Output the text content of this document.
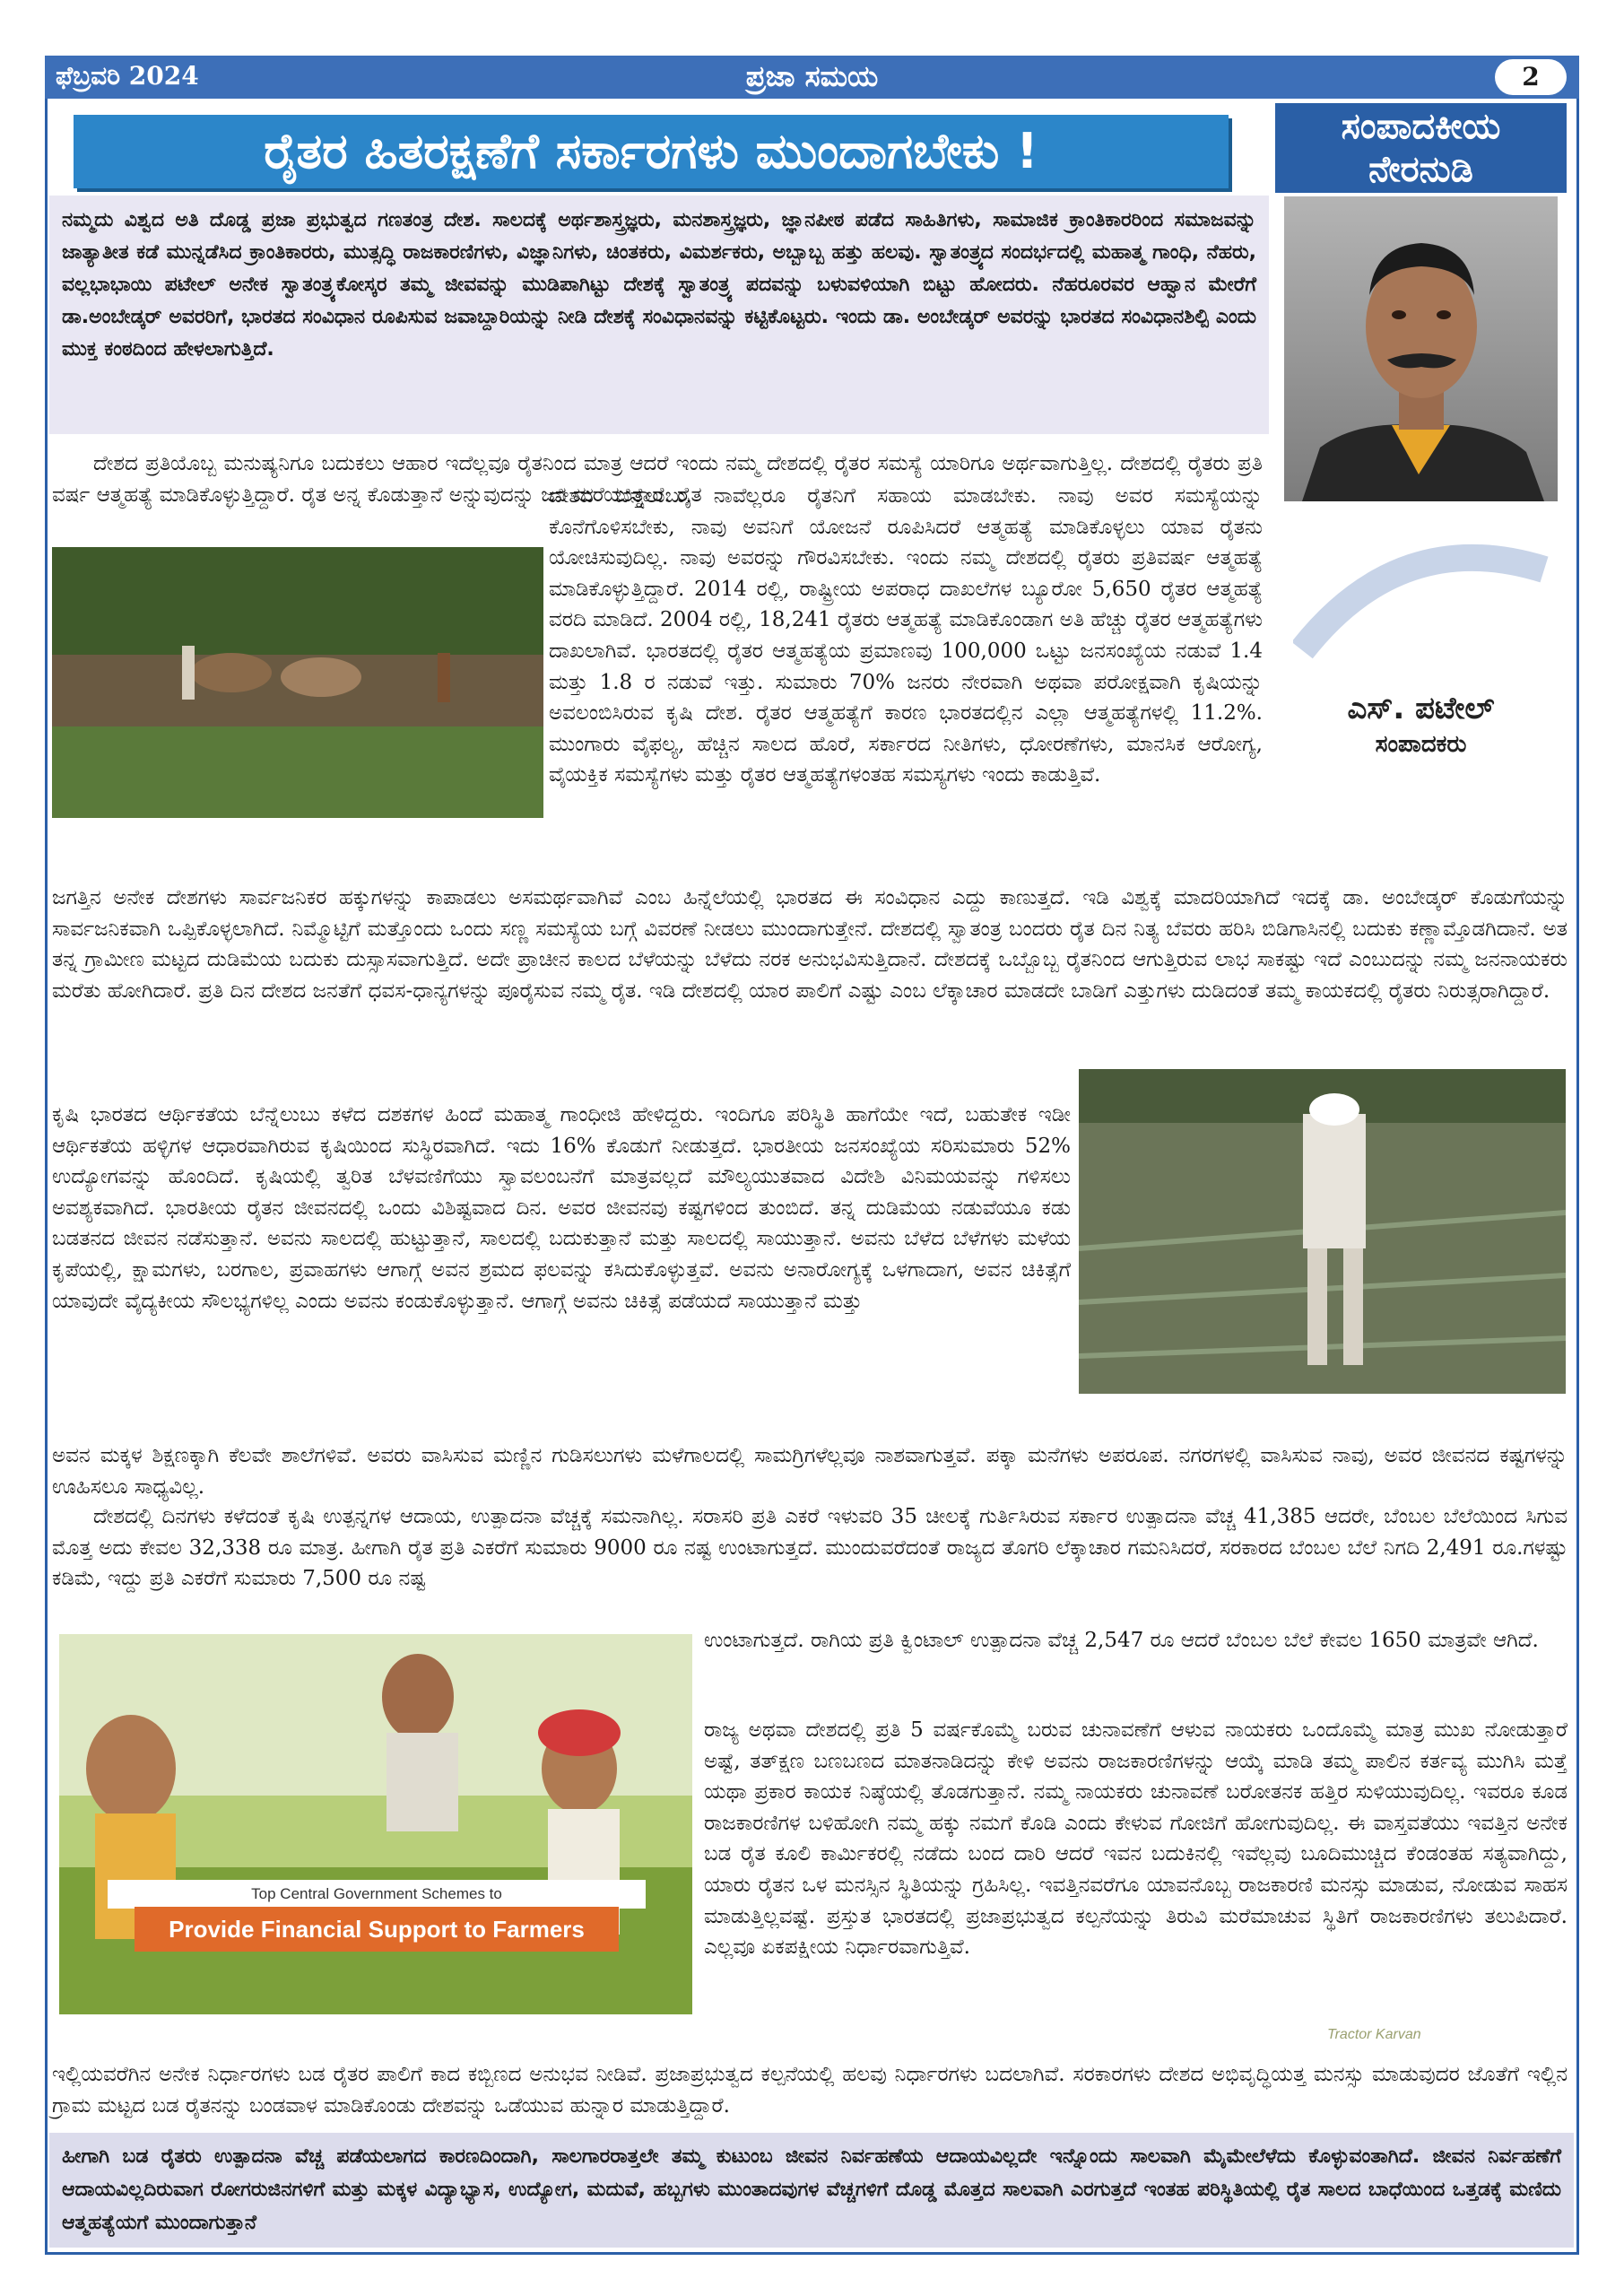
ಫೆಬ್ರವರಿ 2024	ಪ್ರಜಾ ಸಮಯ	2
ರೈತರ ಹಿತರಕ್ಷಣೆಗೆ ಸರ್ಕಾರಗಳು ಮುಂದಾಗಬೇಕು !	ಸಂಪಾದಕೀಯ
ನೇರನುಡಿ
ನಮ್ಮದು ವಿಶ್ವದ ಅತಿ ದೊಡ್ಡ ಪ್ರಜಾ ಪ್ರಭುತ್ವದ ಗಣತಂತ್ರ ದೇಶ. ಸಾಲದಕ್ಕೆ ಅರ್ಥಶಾಸ್ತ್ರಜ್ಞರು, ಮನಶಾಸ್ತ್ರಜ್ಞರು, ಜ್ಞಾನಪೀಠ ಪಡೆದ ಸಾಹಿತಿಗಳು, ಸಾಮಾಜಿಕ ಕ್ರಾಂತಿಕಾರರಿಂದ ಸಮಾಜವನ್ನು ಜಾತ್ಯಾತೀತ ಕಡೆ ಮುನ್ನಡೆಸಿದ ಕ್ರಾಂತಿಕಾರರು, ಮುತ್ಸದ್ಧಿ ರಾಜಕಾರಣಿಗಳು, ವಿಜ್ಞಾನಿಗಳು, ಚಿಂತಕರು, ವಿಮರ್ಶಕರು, ಅಬ್ಬಾಬ್ಬ ಹತ್ತು ಹಲವು. ಸ್ವಾತಂತ್ರ್ಯದ ಸಂದರ್ಭದಲ್ಲಿ ಮಹಾತ್ಮ ಗಾಂಧಿ, ನೆಹರು, ವಲ್ಲಭಾಭಾಯಿ ಪಟೇಲ್ ಅನೇಕ ಸ್ವಾತಂತ್ರ್ಯಕೋಸ್ಕರ ತಮ್ಮ ಜೀವವನ್ನು ಮುಡಿಪಾಗಿಟ್ಟು ದೇಶಕ್ಕೆ ಸ್ವಾತಂತ್ರ್ಯ ಪದವನ್ನು ಬಳುವಳಿಯಾಗಿ ಬಿಟ್ಟು ಹೋದರು. ನೆಹರೂರವರ ಆಹ್ವಾನ ಮೇರೆಗೆ ಡಾ.ಅಂಬೇಡ್ಕರ್ ಅವರರಿಗೆ, ಭಾರತದ ಸಂವಿಧಾನ ರೂಪಿಸುವ ಜವಾಬ್ದಾರಿಯನ್ನು ನೀಡಿ ದೇಶಕ್ಕೆ ಸಂವಿಧಾನವನ್ನು ಕಟ್ಟಿಕೊಟ್ಟರು. ಇಂದು ಡಾ. ಅಂಬೇಡ್ಕರ್ ಅವರನ್ನು ಭಾರತದ ಸಂವಿಧಾನಶಿಲ್ಪಿ ಎಂದು ಮುಕ್ತ ಕಂಠದಿಂದ ಹೇಳಲಾಗುತ್ತಿದೆ.
ಎಸ್. ಪಟೇಲ್
ಸಂಪಾದಕರು
ದೇಶದ ಪ್ರತಿಯೊಬ್ಬ ಮನುಷ್ಯನಿಗೂ ಬದುಕಲು ಆಹಾರ ಇದೆಲ್ಲವೂ ರೈತನಿಂದ ಮಾತ್ರ ಆದರೆ ಇಂದು ನಮ್ಮ ದೇಶದಲ್ಲಿ ರೈತರ ಸಮಸ್ಯೆ ಯಾರಿಗೂ ಅರ್ಥವಾಗುತ್ತಿಲ್ಲ. ದೇಶದಲ್ಲಿ ರೈತರು ಪ್ರತಿ ವರ್ಷ ಆತ್ಮಹತ್ಯೆ ಮಾಡಿಕೊಳ್ಳುತ್ತಿದ್ದಾರೆ. ರೈತ ಅನ್ನ ಕೊಡುತ್ತಾನೆ ಅನ್ನುವುದನ್ನು ಜನ ಮರೆಯುತ್ತಾರೆ. ರೈತ
ದೇಶದ ಬೆನ್ನೆಲುಬು. ನಾವೆಲ್ಲರೂ ರೈತನಿಗೆ ಸಹಾಯ ಮಾಡಬೇಕು. ನಾವು ಅವರ ಸಮಸ್ಯೆಯನ್ನು ಕೊನೆಗೊಳಿಸಬೇಕು, ನಾವು ಅವನಿಗೆ ಯೋಜನೆ ರೂಪಿಸಿದರೆ ಆತ್ಮಹತ್ಯೆ ಮಾಡಿಕೊಳ್ಳಲು ಯಾವ ರೈತನು ಯೋಚಿಸುವುದಿಲ್ಲ. ನಾವು ಅವರನ್ನು ಗೌರವಿಸಬೇಕು. ಇಂದು ನಮ್ಮ ದೇಶದಲ್ಲಿ ರೈತರು ಪ್ರತಿವರ್ಷ ಆತ್ಮಹತ್ಯೆ ಮಾಡಿಕೊಳ್ಳುತ್ತಿದ್ದಾರೆ. 2014 ರಲ್ಲಿ, ರಾಷ್ಟ್ರೀಯ ಅಪರಾಧ ದಾಖಲೆಗಳ ಬ್ಯೂರೋ 5,650 ರೈತರ ಆತ್ಮಹತ್ಯೆ ವರದಿ ಮಾಡಿದೆ. 2004 ರಲ್ಲಿ, 18,241 ರೈತರು ಆತ್ಮಹತ್ಯೆ ಮಾಡಿಕೊಂಡಾಗ ಅತಿ ಹೆಚ್ಚು ರೈತರ ಆತ್ಮಹತ್ಯೆಗಳು ದಾಖಲಾಗಿವೆ. ಭಾರತದಲ್ಲಿ ರೈತರ ಆತ್ಮಹತ್ಯೆಯ ಪ್ರಮಾಣವು 100,000 ಒಟ್ಟು ಜನಸಂಖ್ಯೆಯ ನಡುವೆ 1.4 ಮತ್ತು 1.8 ರ ನಡುವೆ ಇತ್ತು. ಸುಮಾರು 70% ಜನರು ನೇರವಾಗಿ ಅಥವಾ ಪರೋಕ್ಷವಾಗಿ ಕೃಷಿಯನ್ನು ಅವಲಂಬಿಸಿರುವ ಕೃಷಿ ದೇಶ. ರೈತರ ಆತ್ಮಹತ್ಯೆಗೆ ಕಾರಣ ಭಾರತದಲ್ಲಿನ ಎಲ್ಲಾ ಆತ್ಮಹತ್ಯೆಗಳಲ್ಲಿ 11.2%. ಮುಂಗಾರು ವೈಫಲ್ಯ, ಹೆಚ್ಚಿನ ಸಾಲದ ಹೊರೆ, ಸರ್ಕಾರದ ನೀತಿಗಳು, ಧೋರಣೆಗಳು, ಮಾನಸಿಕ ಆರೋಗ್ಯ, ವೈಯಕ್ತಿಕ ಸಮಸ್ಯೆಗಳು ಮತ್ತು ರೈತರ ಆತ್ಮಹತ್ಯೆಗಳಂತಹ ಸಮಸ್ಯಗಳು ಇಂದು ಕಾಡುತ್ತಿವೆ.
ಜಗತ್ತಿನ ಅನೇಕ ದೇಶಗಳು ಸಾರ್ವಜನಿಕರ ಹಕ್ಕುಗಳನ್ನು ಕಾಪಾಡಲು ಅಸಮರ್ಥವಾಗಿವೆ ಎಂಬ ಹಿನ್ನೆಲೆಯಲ್ಲಿ ಭಾರತದ ಈ ಸಂವಿಧಾನ ಎದ್ದು ಕಾಣುತ್ತದೆ. ಇಡಿ ವಿಶ್ವಕ್ಕೆ ಮಾದರಿಯಾಗಿದೆ ಇದಕ್ಕೆ ಡಾ. ಅಂಬೇಡ್ಕರ್ ಕೊಡುಗೆಯನ್ನು ಸಾರ್ವಜನಿಕವಾಗಿ ಒಪ್ಪಿಕೊಳ್ಳಲಾಗಿದೆ. ನಿಮ್ಮೊಟ್ಟಿಗೆ ಮತ್ತೊಂದು ಒಂದು ಸಣ್ಣ ಸಮಸ್ಯೆಯ ಬಗ್ಗೆ ವಿವರಣೆ ನೀಡಲು ಮುಂದಾಗುತ್ತೇನೆ. ದೇಶದಲ್ಲಿ ಸ್ವಾತಂತ್ರ ಬಂದರು ರೈತ ದಿನ ನಿತ್ಯ ಬೆವರು ಹರಿಸಿ ಬಿಡಿಗಾಸಿನಲ್ಲಿ ಬದುಕು ಕಣ್ಣಾಮ್ತೊಡಗಿದಾನೆ. ಅತ ತನ್ನ ಗ್ರಾಮೀಣ ಮಟ್ಟದ ದುಡಿಮೆಯ ಬದುಕು ದುಸ್ಸಾಸವಾಗುತ್ತಿದೆ. ಅದೇ ಪ್ರಾಚೀನ ಕಾಲದ ಬೆಳೆಯನ್ನು ಬೆಳೆದು ನರಕ ಅನುಭವಿಸುತ್ತಿದಾನೆ. ದೇಶದಕ್ಕೆ ಒಬ್ಬೊಬ್ಬ ರೈತನಿಂದ ಆಗುತ್ತಿರುವ ಲಾಭ ಸಾಕಷ್ಟು ಇದೆ ಎಂಬುದನ್ನು ನಮ್ಮ ಜನನಾಯಕರು ಮರೆತು ಹೋಗಿದಾರೆ. ಪ್ರತಿ ದಿನ ದೇಶದ ಜನತೆಗೆ ಧವಸ-ಧಾನ್ಯಗಳನ್ನು ಪೂರೈಸುವ ನಮ್ಮ ರೈತ. ಇಡಿ ದೇಶದಲ್ಲಿ ಯಾರ ಪಾಲಿಗೆ ಎಷ್ಟು ಎಂಬ ಲೆಕ್ಕಾಚಾರ ಮಾಡದೇ ಬಾಡಿಗೆ ಎತ್ತುಗಳು ದುಡಿದಂತೆ ತಮ್ಮ ಕಾಯಕದಲ್ಲಿ ರೈತರು ನಿರುತ್ಸರಾಗಿದ್ದಾರೆ.
ಕೃಷಿ ಭಾರತದ ಆರ್ಥಿಕತೆಯ ಬೆನ್ನೆಲುಬು ಕಳೆದ ದಶಕಗಳ ಹಿಂದೆ ಮಹಾತ್ಮ ಗಾಂಧೀಜಿ ಹೇಳಿದ್ದರು. ಇಂದಿಗೂ ಪರಿಸ್ಥಿತಿ ಹಾಗೆಯೇ ಇದೆ, ಬಹುತೇಕ ಇಡೀ ಆರ್ಥಿಕತೆಯ ಹಳ್ಳಿಗಳ ಆಧಾರವಾಗಿರುವ ಕೃಷಿಯಿಂದ ಸುಸ್ಥಿರವಾಗಿದೆ. ಇದು 16% ಕೊಡುಗೆ ನೀಡುತ್ತದೆ. ಭಾರತೀಯ ಜನಸಂಖ್ಯೆಯ ಸರಿಸುಮಾರು 52% ಉದ್ಯೋಗವನ್ನು ಹೊಂದಿದೆ. ಕೃಷಿಯಲ್ಲಿ ತ್ವರಿತ ಬೆಳವಣಿಗೆಯು ಸ್ವಾವಲಂಬನೆಗೆ ಮಾತ್ರವಲ್ಲದೆ ಮೌಲ್ಯಯುತವಾದ ವಿದೇಶಿ ವಿನಿಮಯವನ್ನು ಗಳಿಸಲು ಅವಶ್ಯಕವಾಗಿದೆ. ಭಾರತೀಯ ರೈತನ ಜೀವನದಲ್ಲಿ ಒಂದು ವಿಶಿಷ್ಟವಾದ ದಿನ. ಅವರ ಜೀವನವು ಕಷ್ಟಗಳಿಂದ ತುಂಬಿದೆ. ತನ್ನ ದುಡಿಮೆಯ ನಡುವೆಯೂ ಕಡು ಬಡತನದ ಜೀವನ ನಡೆಸುತ್ತಾನೆ. ಅವನು ಸಾಲದಲ್ಲಿ ಹುಟ್ಟುತ್ತಾನೆ, ಸಾಲದಲ್ಲಿ ಬದುಕುತ್ತಾನೆ ಮತ್ತು ಸಾಲದಲ್ಲಿ ಸಾಯುತ್ತಾನೆ. ಅವನು ಬೆಳೆದ ಬೆಳೆಗಳು ಮಳೆಯ ಕೃಪೆಯಲ್ಲಿ, ಕ್ಷಾಮಗಳು, ಬರಗಾಲ, ಪ್ರವಾಹಗಳು ಆಗಾಗ್ಗೆ ಅವನ ಶ್ರಮದ ಫಲವನ್ನು ಕಸಿದುಕೊಳ್ಳುತ್ತವೆ. ಅವನು ಅನಾರೋಗ್ಯಕ್ಕೆ ಒಳಗಾದಾಗ, ಅವನ ಚಿಕಿತ್ಸೆಗೆ ಯಾವುದೇ ವೈದ್ಯಕೀಯ ಸೌಲಭ್ಯಗಳಿಲ್ಲ ಎಂದು ಅವನು ಕಂಡುಕೊಳ್ಳುತ್ತಾನೆ. ಆಗಾಗ್ಗೆ ಅವನು ಚಿಕಿತ್ಸೆ ಪಡೆಯದೆ ಸಾಯುತ್ತಾನೆ ಮತ್ತು
ಅವನ ಮಕ್ಕಳ ಶಿಕ್ಷಣಕ್ಕಾಗಿ ಕೆಲವೇ ಶಾಲೆಗಳಿವೆ. ಅವರು ವಾಸಿಸುವ ಮಣ್ಣಿನ ಗುಡಿಸಲುಗಳು ಮಳೆಗಾಲದಲ್ಲಿ ಸಾಮಗ್ರಿಗಳೆಲ್ಲವೂ ನಾಶವಾಗುತ್ತವೆ. ಪಕ್ಕಾ ಮನೆಗಳು ಅಪರೂಪ. ನಗರಗಳಲ್ಲಿ ವಾಸಿಸುವ ನಾವು, ಅವರ ಜೀವನದ ಕಷ್ಟಗಳನ್ನು ಊಹಿಸಲೂ ಸಾಧ್ಯವಿಲ್ಲ.
ದೇಶದಲ್ಲಿ ದಿನಗಳು ಕಳೆದಂತೆ ಕೃಷಿ ಉತ್ಪನ್ನಗಳ ಆದಾಯ, ಉತ್ಪಾದನಾ ವೆಚ್ಚಕ್ಕೆ ಸಮನಾಗಿಲ್ಲ. ಸರಾಸರಿ ಪ್ರತಿ ಎಕರೆ ಇಳುವರಿ 35 ಚೀಲಕ್ಕೆ ಗುರ್ತಿಸಿರುವ ಸರ್ಕಾರ ಉತ್ಪಾದನಾ ವೆಚ್ಚ 41,385 ಆದರೇ, ಬೆಂಬಲ ಬೆಲೆಯಿಂದ ಸಿಗುವ ಮೊತ್ತ ಅದು ಕೇವಲ 32,338 ರೂ ಮಾತ್ರ. ಹೀಗಾಗಿ ರೈತ ಪ್ರತಿ ಎಕರೆಗೆ ಸುಮಾರು 9000 ರೂ ನಷ್ಟ ಉಂಟಾಗುತ್ತದೆ. ಮುಂದುವರೆದಂತೆ ರಾಜ್ಯದ ತೊಗರಿ ಲೆಕ್ಕಾಚಾರ ಗಮನಿಸಿದರೆ, ಸರಕಾರದ ಬೆಂಬಲ ಬೆಲೆ ನಿಗದಿ 2,491 ರೂ.ಗಳಷ್ಟು ಕಡಿಮೆ, ಇದ್ದು ಪ್ರತಿ ಎಕರೆಗೆ ಸುಮಾರು 7,500 ರೂ ನಷ್ಟ
Top Central Government Schemes to
Provide Financial Support to Farmers
Tractor Karvan
ಉಂಟಾಗುತ್ತದೆ. ರಾಗಿಯ ಪ್ರತಿ ಕ್ವಿಂಟಾಲ್ ಉತ್ಪಾದನಾ ವೆಚ್ಚ 2,547 ರೂ ಆದರೆ ಬೆಂಬಲ ಬೆಲೆ ಕೇವಲ 1650 ಮಾತ್ರವೇ ಆಗಿದೆ.
ರಾಜ್ಯ ಅಥವಾ ದೇಶದಲ್ಲಿ ಪ್ರತಿ 5 ವರ್ಷಕೊಮ್ಮೆ ಬರುವ ಚುನಾವಣೆಗೆ ಆಳುವ ನಾಯಕರು ಒಂದೊಮ್ಮೆ ಮಾತ್ರ ಮುಖ ನೋಡುತ್ತಾರೆ ಅಷ್ಟೆ, ತತ್‌ಕ್ಷಣ ಬಣಬಣದ ಮಾತನಾಡಿದನ್ನು ಕೇಳಿ ಅವನು ರಾಜಕಾರಣಿಗಳನ್ನು ಆಯ್ಕೆ ಮಾಡಿ ತಮ್ಮ ಪಾಲಿನ ಕರ್ತವ್ಯ ಮುಗಿಸಿ ಮತ್ತೆ ಯಥಾ ಪ್ರಕಾರ ಕಾಯಕ ನಿಷ್ಠೆಯಲ್ಲಿ ತೊಡಗುತ್ತಾನೆ. ನಮ್ಮ ನಾಯಕರು ಚುನಾವಣೆ ಬರೋತನಕ ಹತ್ತಿರ ಸುಳಿಯುವುದಿಲ್ಲ. ಇವರೂ ಕೂಡ ರಾಜಕಾರಣಿಗಳ ಬಳಿಹೋಗಿ ನಮ್ಮ ಹಕ್ಕು ನಮಗೆ ಕೊಡಿ ಎಂದು ಕೇಳುವ ಗೋಜಿಗೆ ಹೋಗುವುದಿಲ್ಲ. ಈ ವಾಸ್ತವತೆಯು ಇವತ್ತಿನ ಅನೇಕ ಬಡ ರೈತ ಕೂಲಿ ಕಾರ್ಮಿಕರಲ್ಲಿ ನಡೆದು ಬಂದ ದಾರಿ ಆದರೆ ಇವನ ಬದುಕಿನಲ್ಲಿ ಇವೆಲ್ಲವು ಬೂದಿಮುಚ್ಚಿದ ಕೆಂಡಂತಹ ಸತ್ಯವಾಗಿದ್ದು, ಯಾರು ರೈತನ ಒಳ ಮನಸ್ಸಿನ ಸ್ಥಿತಿಯನ್ನು ಗ್ರಹಿಸಿಲ್ಲ. ಇವತ್ತಿನವರೆಗೂ ಯಾವನೊಬ್ಬ ರಾಜಕಾರಣಿ ಮನಸ್ಸು ಮಾಡುವ, ನೋಡುವ ಸಾಹಸ ಮಾಡುತ್ತಿಲ್ಲವಷ್ಟೆ. ಪ್ರಸ್ತುತ ಭಾರತದಲ್ಲಿ ಪ್ರಜಾಪ್ರಭುತ್ವದ ಕಲ್ಪನೆಯನ್ನು ತಿರುವಿ ಮರೆಮಾಚುವ ಸ್ಥಿತಿಗೆ ರಾಜಕಾರಣಿಗಳು ತಲುಪಿದಾರೆ. ಎಲ್ಲವೂ ಏಕಪಕ್ಷೀಯ ನಿರ್ಧಾರವಾಗುತ್ತಿವೆ.
ಇಲ್ಲಿಯವರೆಗಿನ ಅನೇಕ ನಿರ್ಧಾರಗಳು ಬಡ ರೈತರ ಪಾಲಿಗೆ ಕಾದ ಕಬ್ಬಿಣದ ಅನುಭವ ನೀಡಿವೆ. ಪ್ರಜಾಪ್ರಭುತ್ವದ ಕಲ್ಪನೆಯಲ್ಲಿ ಹಲವು ನಿರ್ಧಾರಗಳು ಬದಲಾಗಿವೆ. ಸರಕಾರಗಳು ದೇಶದ ಅಭಿವೃದ್ಧಿಯತ್ತ ಮನಸ್ಸು ಮಾಡುವುದರ ಜೊತೆಗೆ ಇಲ್ಲಿನ ಗ್ರಾಮ ಮಟ್ಟದ ಬಡ ರೈತನನ್ನು ಬಂಡವಾಳ ಮಾಡಿಕೊಂಡು ದೇಶವನ್ನು ಒಡೆಯುವ ಹುನ್ನಾರ ಮಾಡುತ್ತಿದ್ದಾರೆ.
ಹೀಗಾಗಿ ಬಡ ರೈತರು ಉತ್ಪಾದನಾ ವೆಚ್ಚ ಪಡೆಯಲಾಗದ ಕಾರಣದಿಂದಾಗಿ, ಸಾಲಗಾರರಾತ್ತಲೇ ತಮ್ಮ ಕುಟುಂಬ ಜೀವನ ನಿರ್ವಹಣೆಯ ಆದಾಯವಿಲ್ಲದೇ ಇನ್ನೊಂದು ಸಾಲವಾಗಿ ಮೈಮೇಲೆಳೆದು ಕೊಳ್ಳುವಂತಾಗಿದೆ. ಜೀವನ ನಿರ್ವಹಣೆಗೆ ಆದಾಯವಿಲ್ಲದಿರುವಾಗ ರೋಗರುಜಿನಗಳಿಗೆ ಮತ್ತು ಮಕ್ಕಳ ವಿದ್ಯಾಭ್ಯಾಸ, ಉದ್ಯೋಗ, ಮದುವೆ, ಹಬ್ಬಗಳು ಮುಂತಾದವುಗಳ ವೆಚ್ಚಗಳಿಗೆ ದೊಡ್ಡ ಮೊತ್ತದ ಸಾಲವಾಗಿ ಎರಗುತ್ತದೆ ಇಂತಹ ಪರಿಸ್ಥಿತಿಯಲ್ಲಿ ರೈತ ಸಾಲದ ಬಾಧೆಯಿಂದ ಒತ್ತಡಕ್ಕೆ ಮಣಿದು ಆತ್ಮಹತ್ಯೆಯಗೆ ಮುಂದಾಗುತ್ತಾನೆ
